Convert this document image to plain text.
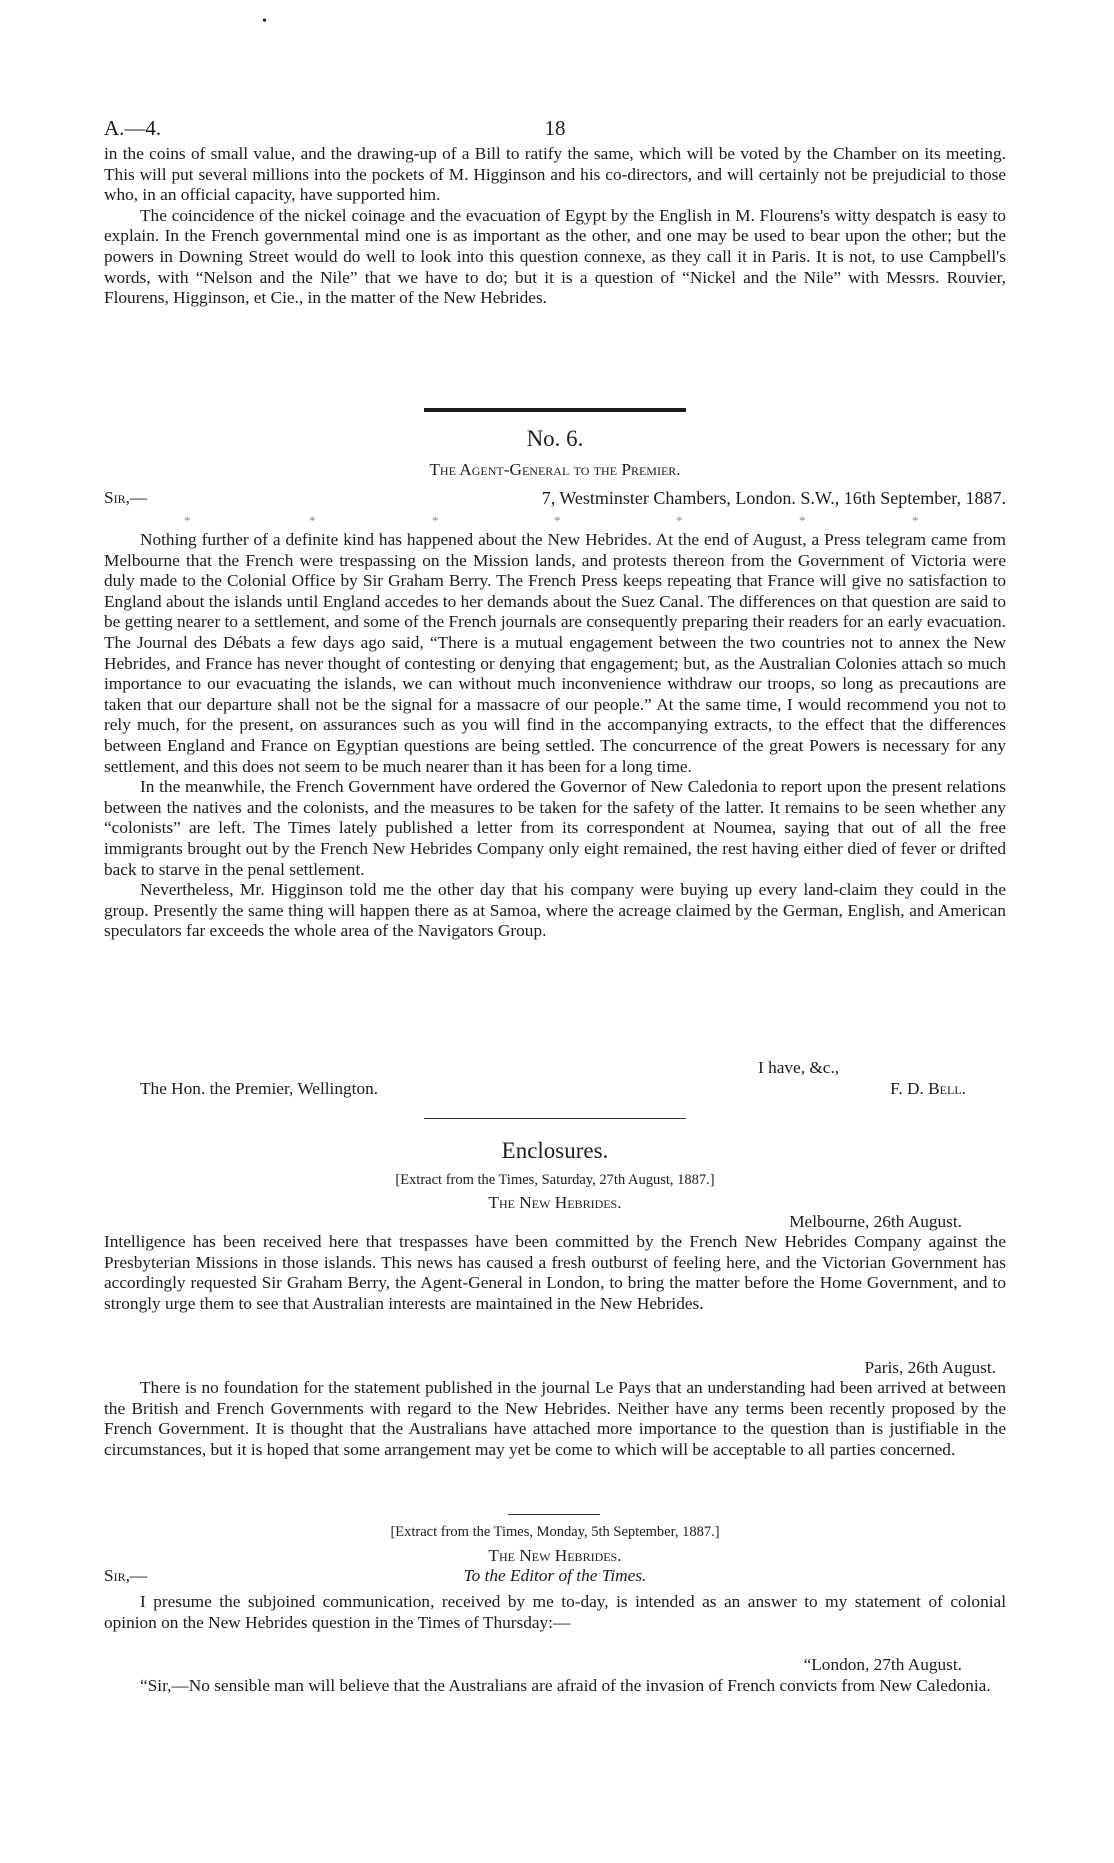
•
A.—4.	18

in the coins of small value, and the drawing-up of a Bill to ratify the same, which will be voted by the Chamber on its meeting. This will put several millions into the pockets of M. Higginson and his co-directors, and will certainly not be prejudicial to those who, in an official capacity, have supported him.

The coincidence of the nickel coinage and the evacuation of Egypt by the English in M. Flourens's witty despatch is easy to explain. In the French governmental mind one is as important as the other, and one may be used to bear upon the other; but the powers in Downing Street would do well to look into this question connexe, as they call it in Paris. It is not, to use Campbell's words, with “Nelson and the Nile” that we have to do; but it is a question of “Nickel and the Nile” with Messrs. Rouvier, Flourens, Higginson, et Cie., in the matter of the New Hebrides.

No. 6.
The Agent-General to the Premier.
Sir,—	7, Westminster Chambers, London. S.W., 16th September, 1887.
*	*	*	*	*	*	*

Nothing further of a definite kind has happened about the New Hebrides. At the end of August, a Press telegram came from Melbourne that the French were trespassing on the Mission lands, and protests thereon from the Government of Victoria were duly made to the Colonial Office by Sir Graham Berry. The French Press keeps repeating that France will give no satisfaction to England about the islands until England accedes to her demands about the Suez Canal. The differences on that question are said to be getting nearer to a settlement, and some of the French journals are consequently preparing their readers for an early evacuation. The Journal des Débats a few days ago said, “There is a mutual engagement between the two countries not to annex the New Hebrides, and France has never thought of contesting or denying that engagement; but, as the Australian Colonies attach so much importance to our evacuating the islands, we can without much inconvenience withdraw our troops, so long as precautions are taken that our departure shall not be the signal for a massacre of our people.” At the same time, I would recommend you not to rely much, for the present, on assurances such as you will find in the accompanying extracts, to the effect that the differences between England and France on Egyptian questions are being settled. The concurrence of the great Powers is necessary for any settlement, and this does not seem to be much nearer than it has been for a long time.

In the meanwhile, the French Government have ordered the Governor of New Caledonia to report upon the present relations between the natives and the colonists, and the measures to be taken for the safety of the latter. It remains to be seen whether any “colonists” are left. The Times lately published a letter from its correspondent at Noumea, saying that out of all the free immigrants brought out by the French New Hebrides Company only eight remained, the rest having either died of fever or drifted back to starve in the penal settlement.

Nevertheless, Mr. Higginson told me the other day that his company were buying up every land-claim they could in the group. Presently the same thing will happen there as at Samoa, where the acreage claimed by the German, English, and American speculators far exceeds the whole area of the Navigators Group.

I have, &c.,
The Hon. the Premier, Wellington.	F. D. Bell.
Enclosures.
[Extract from the Times, Saturday, 27th August, 1887.]
The New Hebrides.
Melbourne, 26th August.

Intelligence has been received here that trespasses have been committed by the French New Hebrides Company against the Presbyterian Missions in those islands. This news has caused a fresh outburst of feeling here, and the Victorian Government has accordingly requested Sir Graham Berry, the Agent-General in London, to bring the matter before the Home Government, and to strongly urge them to see that Australian interests are maintained in the New Hebrides.

Paris, 26th August.

There is no foundation for the statement published in the journal Le Pays that an understanding had been arrived at between the British and French Governments with regard to the New Hebrides. Neither have any terms been recently proposed by the French Government. It is thought that the Australians have attached more importance to the question than is justifiable in the circumstances, but it is hoped that some arrangement may yet be come to which will be acceptable to all parties concerned.

[Extract from the Times, Monday, 5th September, 1887.]
The New Hebrides.
Sir,—	To the Editor of the Times.

I presume the subjoined communication, received by me to-day, is intended as an answer to my statement of colonial opinion on the New Hebrides question in the Times of Thursday:—

“London, 27th August.

“Sir,—No sensible man will believe that the Australians are afraid of the invasion of French convicts from New Caledonia.
